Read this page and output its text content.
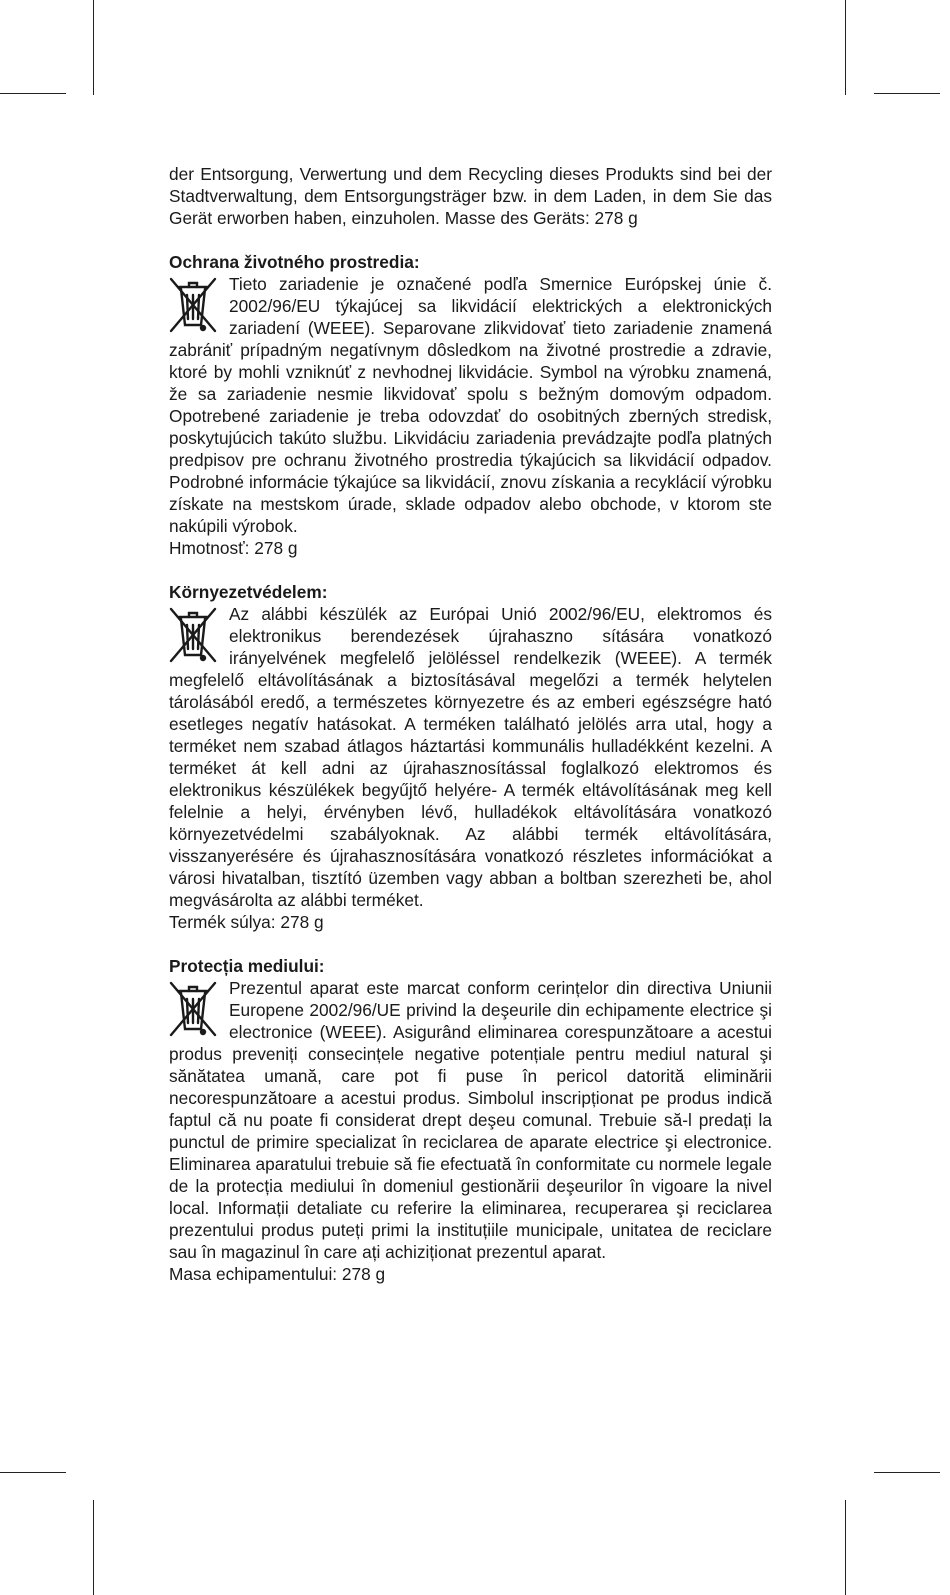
der Entsorgung, Verwertung und dem Recycling dieses Produkts sind bei der Stadtverwaltung, dem Entsorgungsträger bzw. in dem Laden, in dem Sie das Gerät erworben haben, einzuholen. Masse des Geräts: 278 g

Ochrana životného prostredia:

Tieto zariadenie je označené podľa Smernice Európskej únie č. 2002/96/EU týkajúcej sa likvidácií elektrických a elektronických zariadení (WEEE). Separovane zlikvidovať tieto zariadenie znamená zabrániť prípadným negatívnym dôsledkom na životné prostredie a zdravie, ktoré by mohli vzniknúť z nevhodnej likvidácie. Symbol na výrobku znamená, že sa zariadenie nesmie likvidovať spolu s bežným domovým odpadom. Opotrebené zariadenie je treba odovzdať do osobitných zberných stredisk, poskytujúcich takúto službu. Likvidáciu zariadenia prevádzajte podľa platných predpisov pre ochranu životného prostredia týkajúcich sa likvidácií odpadov. Podrobné informácie týkajúce sa likvidácií, znovu získania a recyklácií výrobku získate na mestskom úrade, sklade odpadov alebo obchode, v ktorom ste nakúpili výrobok.

Hmotnosť: 278 g

Környezetvédelem:

Az alábbi készülék az Európai Unió 2002/96/EU, elektromos és elektronikus berendezések újrahaszno sítására vonatkozó irányelvének megfelelő jelöléssel rendelkezik (WEEE). A termék megfelelő eltávolításának a biztosításával megelőzi a termék helytelen tárolásából eredő, a természetes környezetre és az emberi egészségre ható esetleges negatív hatásokat. A terméken található jelölés arra utal, hogy a terméket nem szabad átlagos háztartási kommunális hulladékként kezelni. A terméket át kell adni az újrahasznosítással foglalkozó elektromos és elektronikus készülékek begyűjtő helyére- A termék eltávolításának meg kell felelnie a helyi, érvényben lévő, hulladékok eltávolítására vonatkozó környezetvédelmi szabályoknak. Az alábbi termék eltávolítására, visszanyerésére és újrahasznosítására vonatkozó részletes információkat a városi hivatalban, tisztító üzemben vagy abban a boltban szerezheti be, ahol megvásárolta az alábbi terméket.

Termék súlya: 278 g

Protecția mediului:

Prezentul aparat este marcat conform cerințelor din directiva Uniunii Europene 2002/96/UE privind la deşeurile din echipamente electrice şi electronice (WEEE). Asigurând eliminarea corespunzătoare a acestui produs preveniți consecințele negative potențiale pentru mediul natural şi sănătatea umană, care pot fi puse în pericol datorită eliminării necorespunzătoare a acestui produs. Simbolul inscripționat pe produs indică faptul că nu poate fi considerat drept deşeu comunal. Trebuie să-l predați la punctul de primire specializat în reciclarea de aparate electrice şi electronice. Eliminarea aparatului trebuie să fie efectuată în conformitate cu normele legale de la protecția mediului în domeniul gestionării deşeurilor în vigoare la nivel local. Informații detaliate cu referire la eliminarea, recuperarea şi reciclarea prezentului produs puteți primi la instituțiile municipale, unitatea de reciclare sau în magazinul în care ați achiziționat prezentul aparat.

Masa echipamentului: 278 g
